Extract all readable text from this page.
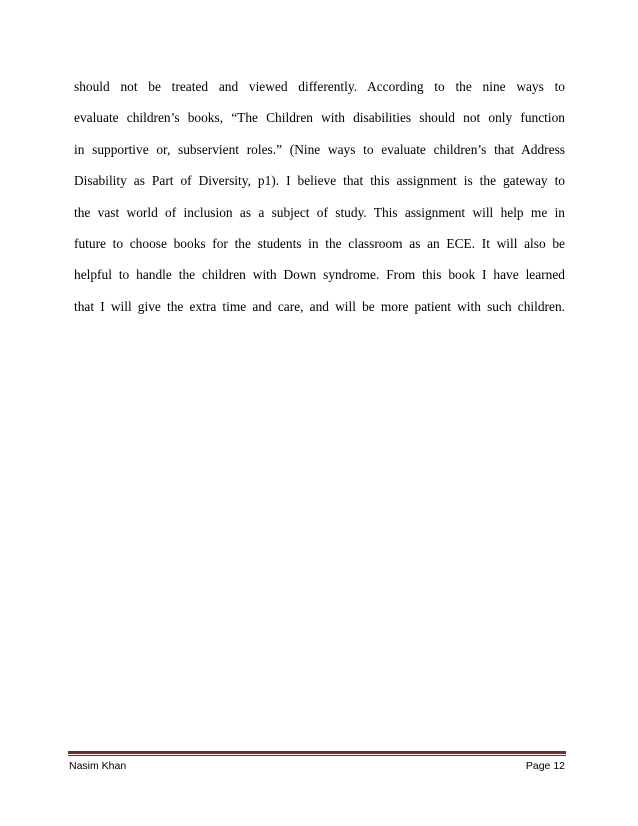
should not be treated and viewed differently. According to the nine ways to
evaluate children’s books, “The Children with disabilities should not only function
in supportive or, subservient roles.” (Nine ways to evaluate children’s that Address
Disability as Part of Diversity, p1). I believe that this assignment is the gateway to
the vast world of inclusion as a subject of study. This assignment will help me in
future to choose books for the students in the classroom as an ECE. It will also be
helpful to handle the children with Down syndrome. From this book I have learned
that I will give the extra time and care, and will be more patient with such children.
Nasim Khan	Page 12
